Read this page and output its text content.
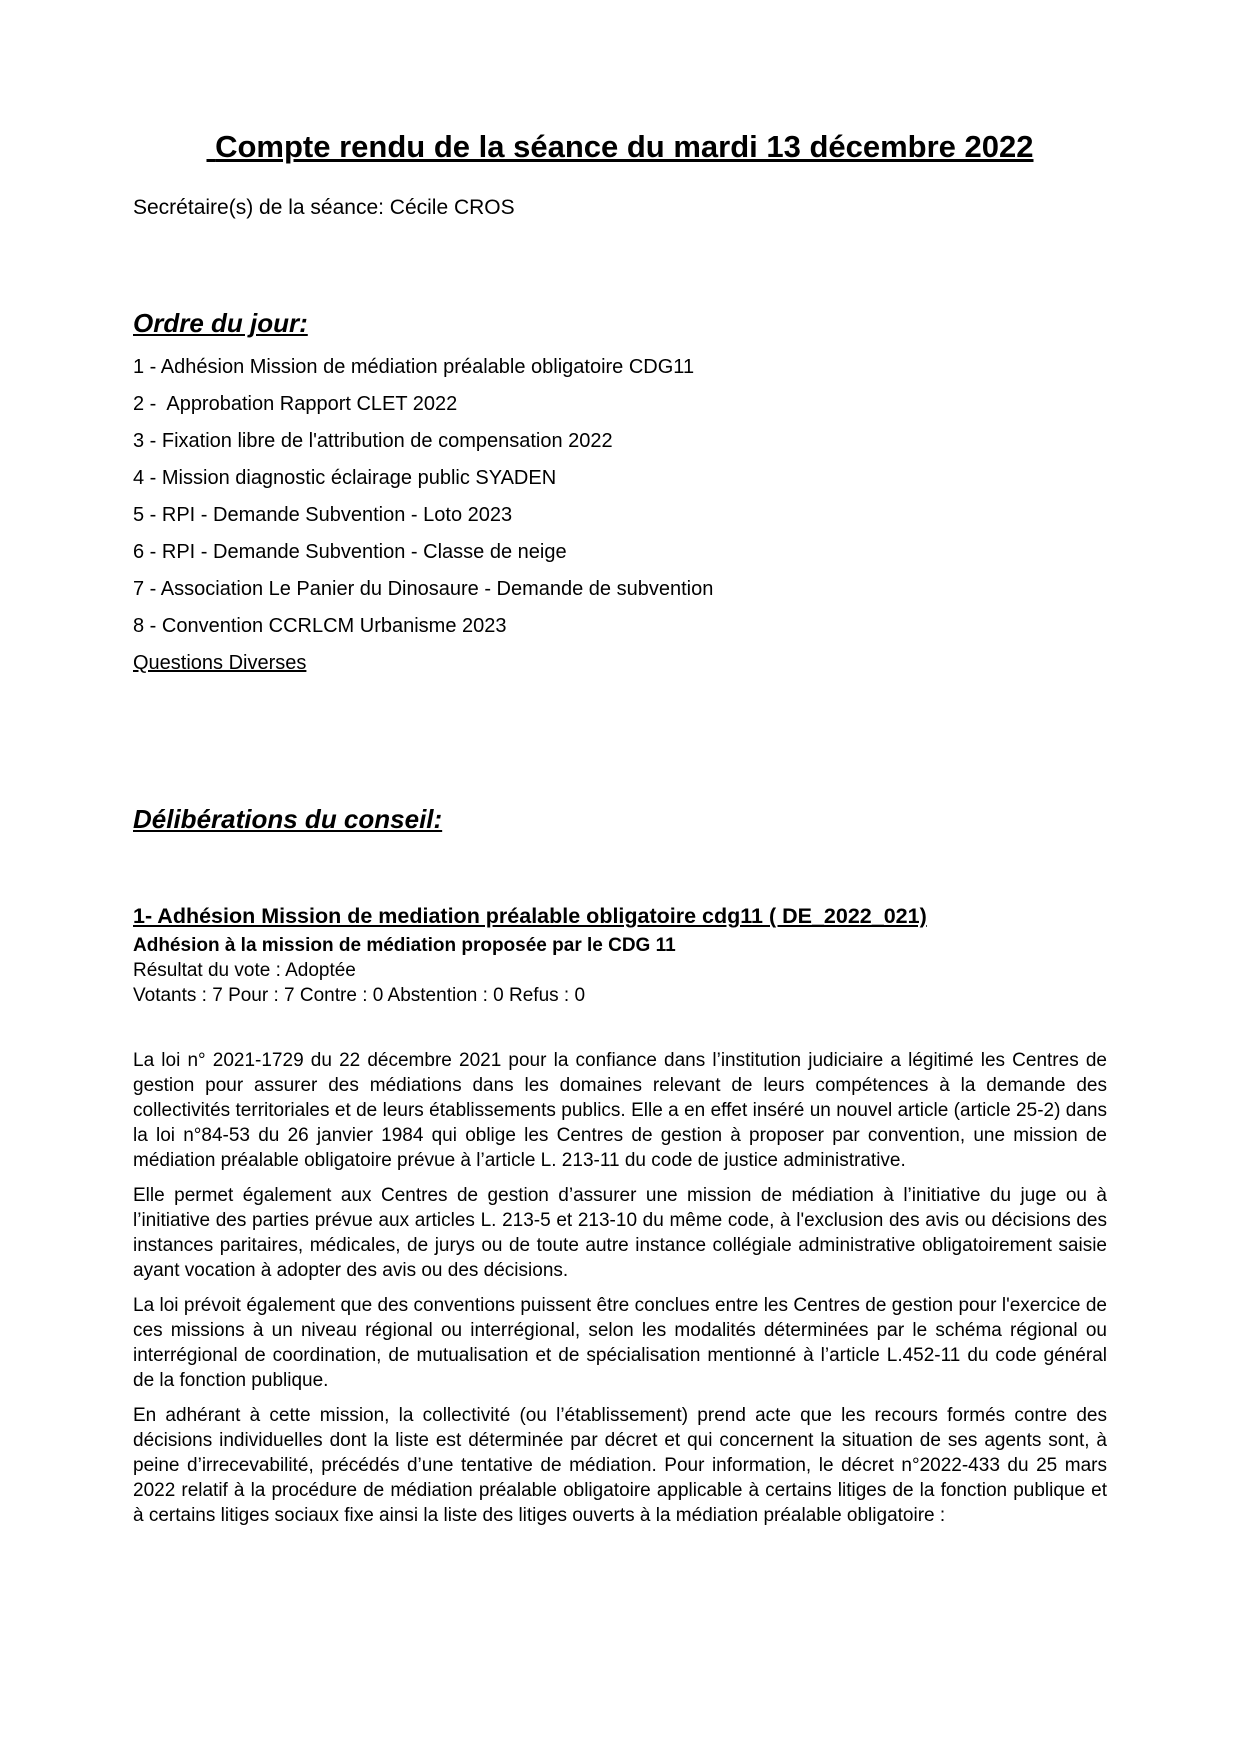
Compte rendu de la séance du mardi 13 décembre 2022

Secrétaire(s) de la séance: Cécile CROS

Ordre du jour:

1 - Adhésion Mission de médiation préalable obligatoire CDG11

2 -  Approbation Rapport CLET 2022

3 - Fixation libre de l'attribution de compensation 2022

4 - Mission diagnostic éclairage public SYADEN

5 - RPI - Demande Subvention - Loto 2023

6 - RPI - Demande Subvention - Classe de neige

7 - Association Le Panier du Dinosaure - Demande de subvention

8 - Convention CCRLCM Urbanisme 2023

Questions Diverses

Délibérations du conseil:
1- Adhésion Mission de mediation préalable obligatoire cdg11 ( DE_2022_021)

Adhésion à la mission de médiation proposée par le CDG 11

Résultat du vote : Adoptée

Votants : 7 Pour : 7 Contre : 0 Abstention : 0 Refus : 0

La loi n° 2021-1729 du 22 décembre 2021 pour la confiance dans l’institution judiciaire a légitimé les Centres de gestion pour assurer des médiations dans les domaines relevant de leurs compétences à la demande des collectivités territoriales et de leurs établissements publics. Elle a en effet inséré un nouvel article (article 25-2) dans la loi n°84-53 du 26 janvier 1984 qui oblige les Centres de gestion à proposer par convention, une mission de médiation préalable obligatoire prévue à l’article L. 213-11 du code de justice administrative.

Elle permet également aux Centres de gestion d’assurer une mission de médiation à l’initiative du juge ou à l’initiative des parties prévue aux articles L. 213-5 et 213-10 du même code, à l'exclusion des avis ou décisions des instances paritaires, médicales, de jurys ou de toute autre instance collégiale administrative obligatoirement saisie ayant vocation à adopter des avis ou des décisions.

La loi prévoit également que des conventions puissent être conclues entre les Centres de gestion pour l'exercice de ces missions à un niveau régional ou interrégional, selon les modalités déterminées par le schéma régional ou interrégional de coordination, de mutualisation et de spécialisation mentionné à l’article L.452-11 du code général de la fonction publique.

En adhérant à cette mission, la collectivité (ou l’établissement) prend acte que les recours formés contre des décisions individuelles dont la liste est déterminée par décret et qui concernent la situation de ses agents sont, à peine d’irrecevabilité, précédés d’une tentative de médiation. Pour information, le décret n°2022-433 du 25 mars 2022 relatif à la procédure de médiation préalable obligatoire applicable à certains litiges de la fonction publique et à certains litiges sociaux fixe ainsi la liste des litiges ouverts à la médiation préalable obligatoire :
